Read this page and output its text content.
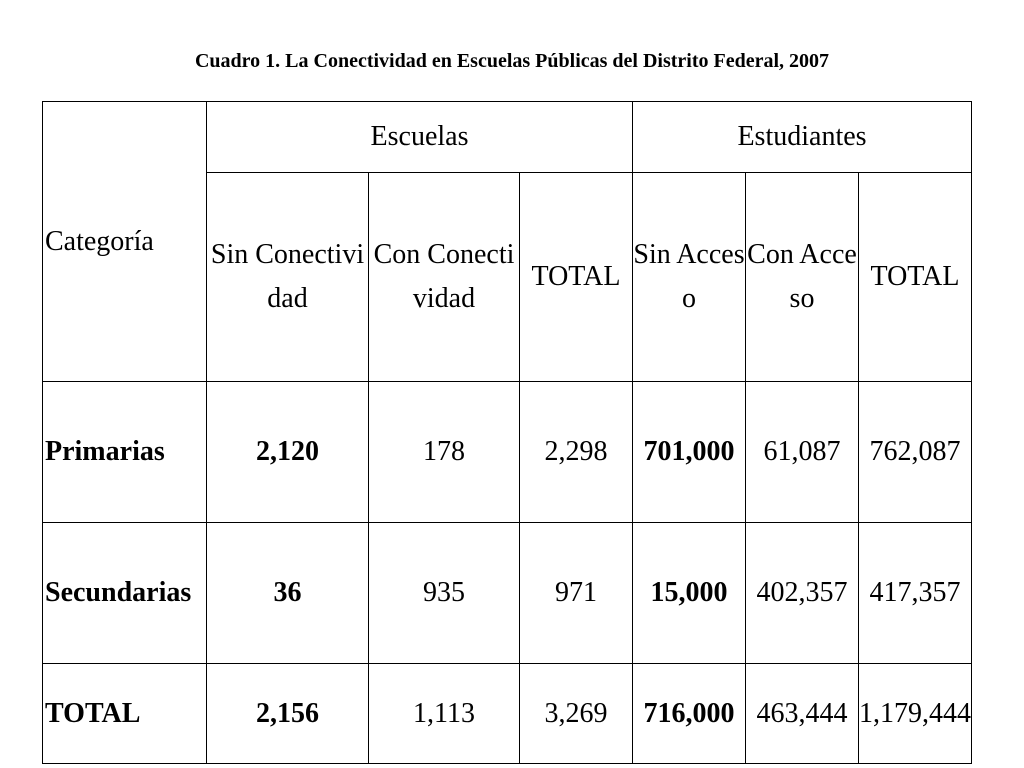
Cuadro 1. La Conectividad en Escuelas Públicas del Distrito Federal, 2007
Categoría	Escuelas			Estudiantes		

	Sin Conectividad	Con Conectividad	TOTAL	Sin Acceso	Con Acceso	TOTAL

Primarias	2,120	178	2,298	701,000	61,087	762,087

Secundarias	36	935	971	15,000	402,357	417,357
TOTAL	2,156	1,113	3,269	716,000	463,444	1,179,444
